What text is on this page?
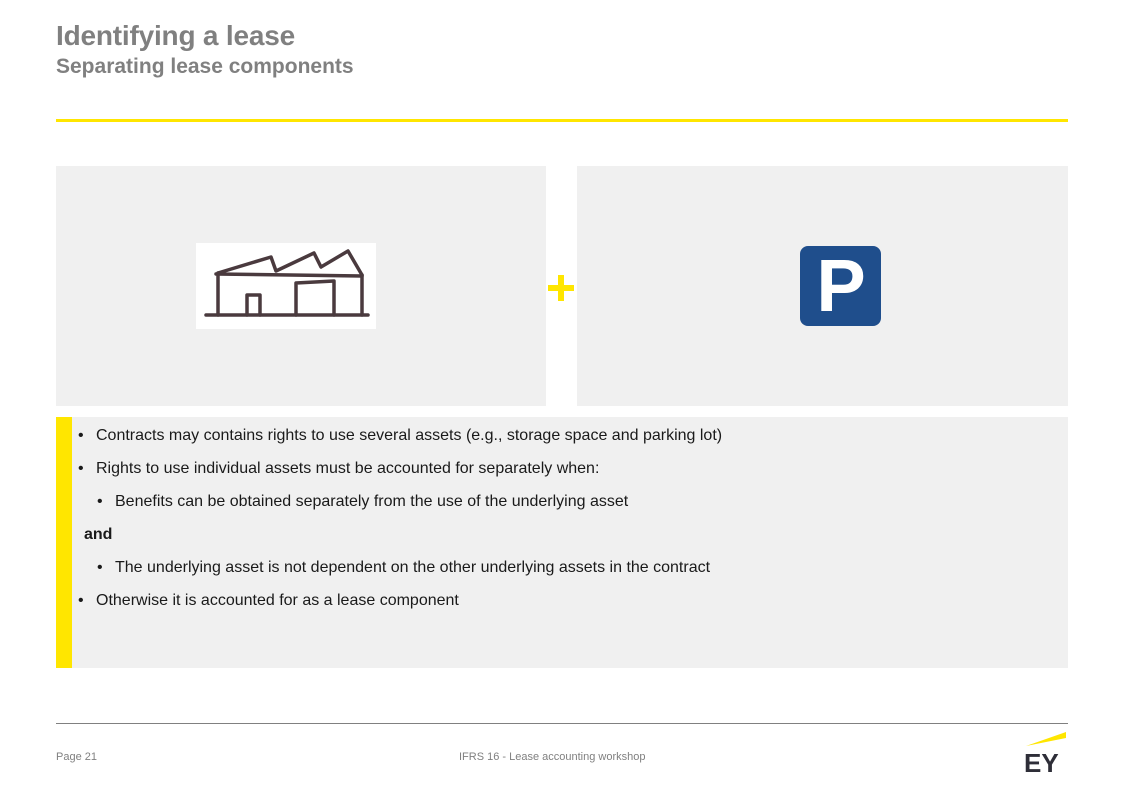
Identifying a lease
Separating lease components
P
• Contracts may contains rights to use several assets (e.g., storage space and parking lot)
• Rights to use individual assets must be accounted for separately when:
• Benefits can be obtained separately from the use of the underlying asset
and
• The underlying asset is not dependent on the other underlying assets in the contract
• Otherwise it is accounted for as a lease component
Page 21	IFRS 16 - Lease accounting workshop	EY
